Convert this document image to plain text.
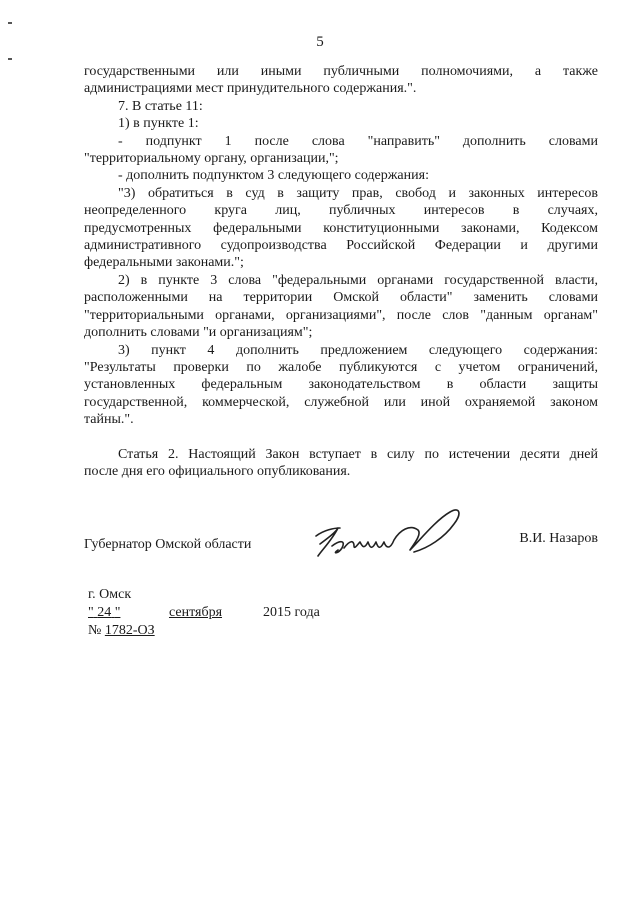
5

государственными или иными публичными полномочиями, а также

администрациями мест принудительного содержания.".

7. В статье 11:

1) в пункте 1:

- подпункт 1 после слова "направить" дополнить словами

"территориальному органу, организации,";

- дополнить подпунктом 3 следующего содержания:

"3) обратиться в суд в защиту прав, свобод и законных интересов

неопределенного круга лиц, публичных интересов в случаях,

предусмотренных федеральными конституционными законами, Кодексом

административного судопроизводства Российской Федерации и другими

федеральными законами.";

2) в пункте 3 слова "федеральными органами государственной власти,

расположенными на территории Омской области" заменить словами

"территориальными органами, организациями", после слов "данным органам"

дополнить словами "и организациям";

3) пункт 4 дополнить предложением следующего содержания:

"Результаты проверки по жалобе публикуются с учетом ограничений,

установленных федеральным законодательством в области защиты

государственной, коммерческой, служебной или иной охраняемой законом

тайны.".

Статья 2. Настоящий Закон вступает в силу по истечении десяти дней

после дня его официального опубликования.

Губернатор Омской области	В.И. Назаров
г. Омск
" 24 "	сентября	2015 года
№ 1782-ОЗ
